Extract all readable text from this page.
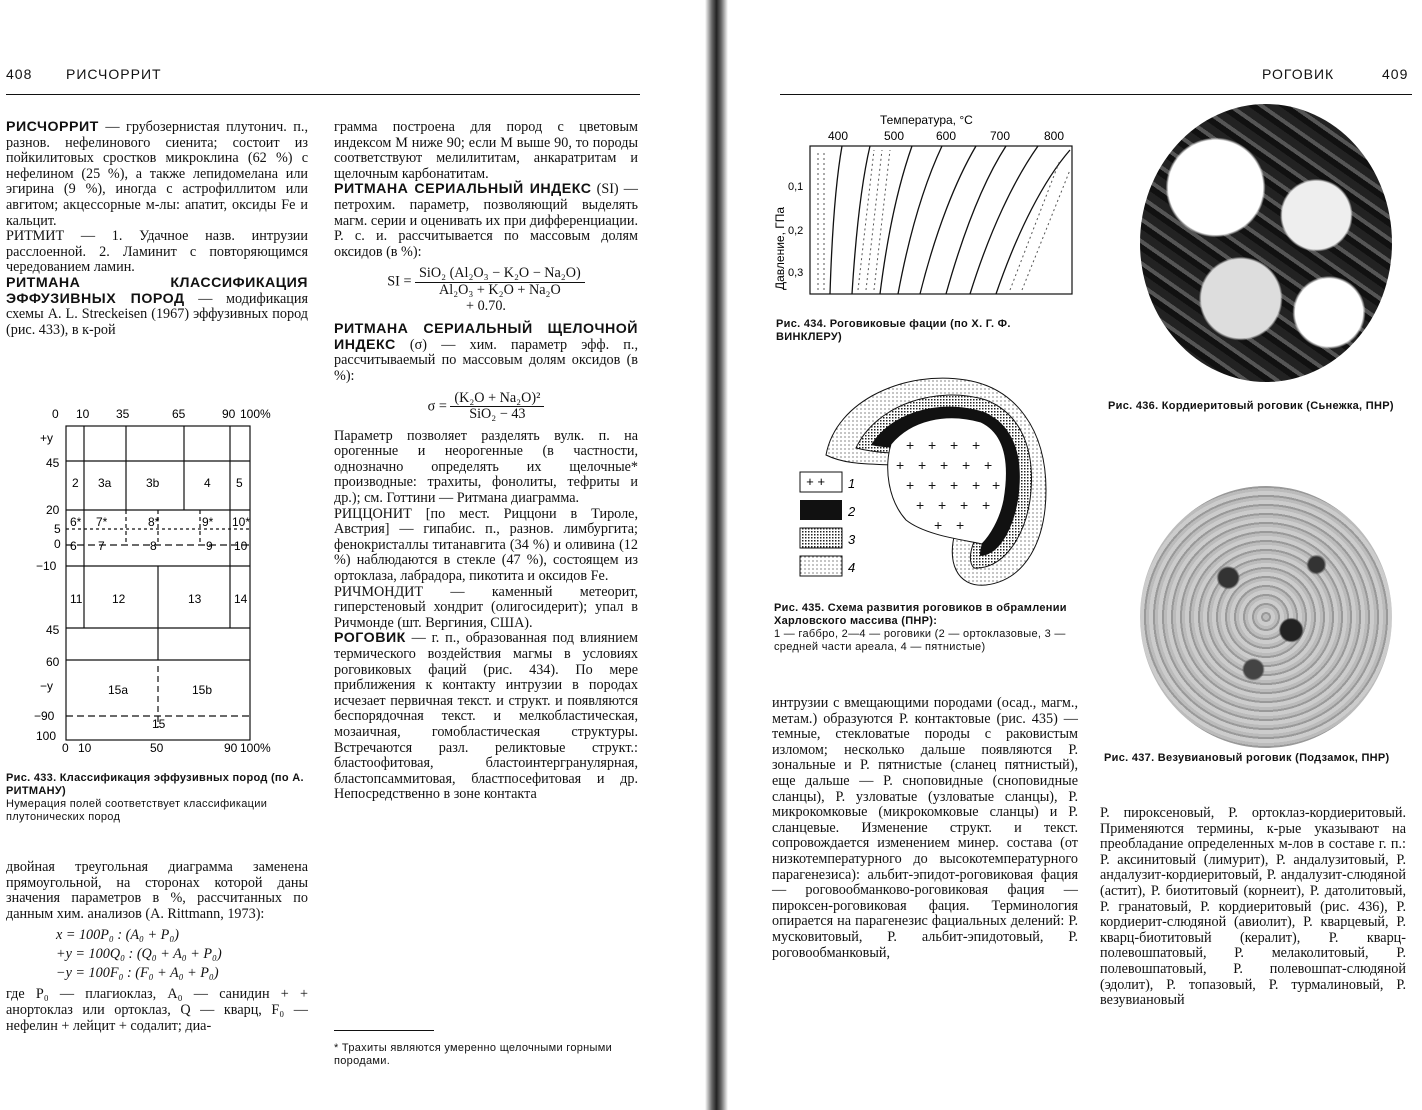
408 РИСЧОРРИТ

РИСЧОРРИТ — грубозернистая плутонич. п., разнов. нефелинового сиенита; состоит из пойкилитовых сростков микроклина (62 %) с нефелином (25 %), а также лепидомелана или эгирина (9 %), иногда с астрофиллитом или авгитом; акцессорные м-лы: апатит, оксиды Fe и кальцит.

РИТМИТ — 1. Удачное назв. интрузии расслоенной. 2. Ламинит с повторяющимся чередованием ламин.

РИТМАНА КЛАССИФИКАЦИЯ ЭФФУЗИВНЫХ ПОРОД — модификация схемы A. L. Streckeisen (1967) эффузивных пород (рис. 433), в к-рой

0 10 35	65	90 100%
+y
45
20
5
0
−10
45
60
−y
−90
100
2 3a	3b	4 5
6* 7*	8*	9* 10*
6 7	8	9 10
11 12	13	14
15a	15b
15
0 10	50	90 100%
Рис. 433. Классификация эффузивных пород (по А. РИТМАНУ)
Нумерация полей соответствует классификации плутонических пород

двойная треугольная диаграмма заменена прямоугольной, на сторонах которой даны значения параметров в %, рассчитанных по данным хим. анализов (A. Rittmann, 1973):

x = 100P₀ : (A₀ + P₀)
+y = 100Q₀ : (Q₀ + A₀ + P₀)
−y = 100F₀ : (F₀ + A₀ + P₀)

где P₀ — плагиоклаз, A₀ — санидин + + анортоклаз или ортоклаз, Q — кварц, F₀ — нефелин + лейцит + содалит; диа-

грамма построена для пород с цветовым индексом M ниже 90; если M выше 90, то породы соответствуют мелилититам, анкаратритам и щелочным карбонатитам.

РИТМАНА СЕРИАЛЬНЫЙ ИНДЕКС (SI) — петрохим. параметр, позволяющий выделять магм. серии и оценивать их при дифференциации. Р. с. и. рассчитывается по массовым долям оксидов (в %):

SI = $\frac{\text{SiO₂ (Al₂O₃ − K₂O − Na₂O)}}{\text{Al₂O₃ + K₂O + Na₂O}}$
+ 0.70.

РИТМАНА СЕРИАЛЬНЫЙ ЩЕЛОЧНОЙ ИНДЕКС (σ) — хим. параметр эфф. п., рассчитываемый по массовым долям оксидов (в %):

$\sigma = \frac{\text{(K₂O + Na₂O)²}}{\text{SiO₂ − 43}}$

Параметр позволяет разделять вулк. п. на орогенные и неорогенные (в частности, однозначно определять их щелочные* производные: трахиты, фонолиты, тефриты и др.); см. Готтини — Ритмана диаграмма.

РИЦЦОНИТ [по мест. Риццони в Тироле, Австрия] — гипабис. п., разнов. лимбургита; фенокристаллы титанавгита (34 %) и оливина (12 %) наблюдаются в стекле (47 %), состоящем из ортоклаза, лабрадора, пикотита и оксидов Fe.

РИЧМОНДИТ — каменный метеорит, гиперстеновый хондрит (олигосидерит); упал в Ричмонде (шт. Вергиния, США).

РОГОВИК — г. п., образованная под влиянием термического воздействия магмы в условиях роговиковых фаций (рис. 434). По мере приближения к контакту интрузии в породах исчезает первичная текст. и структ. и появляются беспорядочная текст. и мелкобластическая, мозаичная, гомобластическая структуры. Встречаются разл. реликтовые структ.: бластоофитовая, бластоинтергранулярная, бластопсаммитовая, бластпосефитовая и др. Непосредственно в зоне контакта

* Трахиты являются умеренно щелочными горными породами.
РОГОВИК	409
Температура, °C
400	500	600	700	800
Давление, ГПа
0,1
0,2
0,3
Рис. 434. Роговиковые фации (по Х. Г. Ф. ВИНКЛЕРУ)
+ + + +
+ + + + +
+ + + + +
+ + + +
+ +
+ + 1
2
3
4
Рис. 435. Схема развития роговиков в обрамлении Харловского массива (ПНР):
1 — габбро, 2—4 — роговики (2 — ортоклазовые, 3 — средней части ареала, 4 — пятнистые)
Рис. 436. Кордиеритовый роговик (Сьнежка, ПНР)
Рис. 437. Везувиановый роговик (Подзамок, ПНР)
интрузии с вмещающими породами (осад., магм., метам.) образуются Р. контактовые (рис. 435) — темные, стекловатые породы с раковистым изломом; несколько дальше появляются Р. зональные и Р. пятнистые (сланец пятнистый), еще дальше — Р. сноповидные (сноповидные сланцы), Р. узловатые (узловатые сланцы), Р. микрокомковые (микрокомковые сланцы) и Р. сланцевые. Изменение структ. и текст. сопровождается изменением минер. состава (от низкотемпературного до высокотемпературного парагенезиса): альбит-эпидот-роговиковая фация — роговообманково-роговиковая фация — пироксен-роговиковая фация. Терминология опирается на парагенезис фациальных делений: Р. мусковитовый, Р. альбит-эпидотовый, Р. роговообманковый,
Р. пироксеновый, Р. ортоклаз-кордиеритовый. Применяются термины, к-рые указывают на преобладание определенных м-лов в составе г. п.: Р. аксинитовый (лимурит), Р. андалузитовый, Р. андалузит-кордиеритовый, Р. андалузит-слюдяной (астит), Р. биотитовый (корнеит), Р. датолитовый, Р. гранатовый, Р. кордиеритовый (рис. 436), Р. кордиерит-слюдяной (авиолит), Р. кварцевый, Р. кварц-биотитовый (кералит), Р. кварц-полевошпатовый, Р. мелаколитовый, Р. полевошпатовый, Р. полевошпат-слюдяной (эдолит), Р. топазовый, Р. турмалиновый, Р. везувиановый
